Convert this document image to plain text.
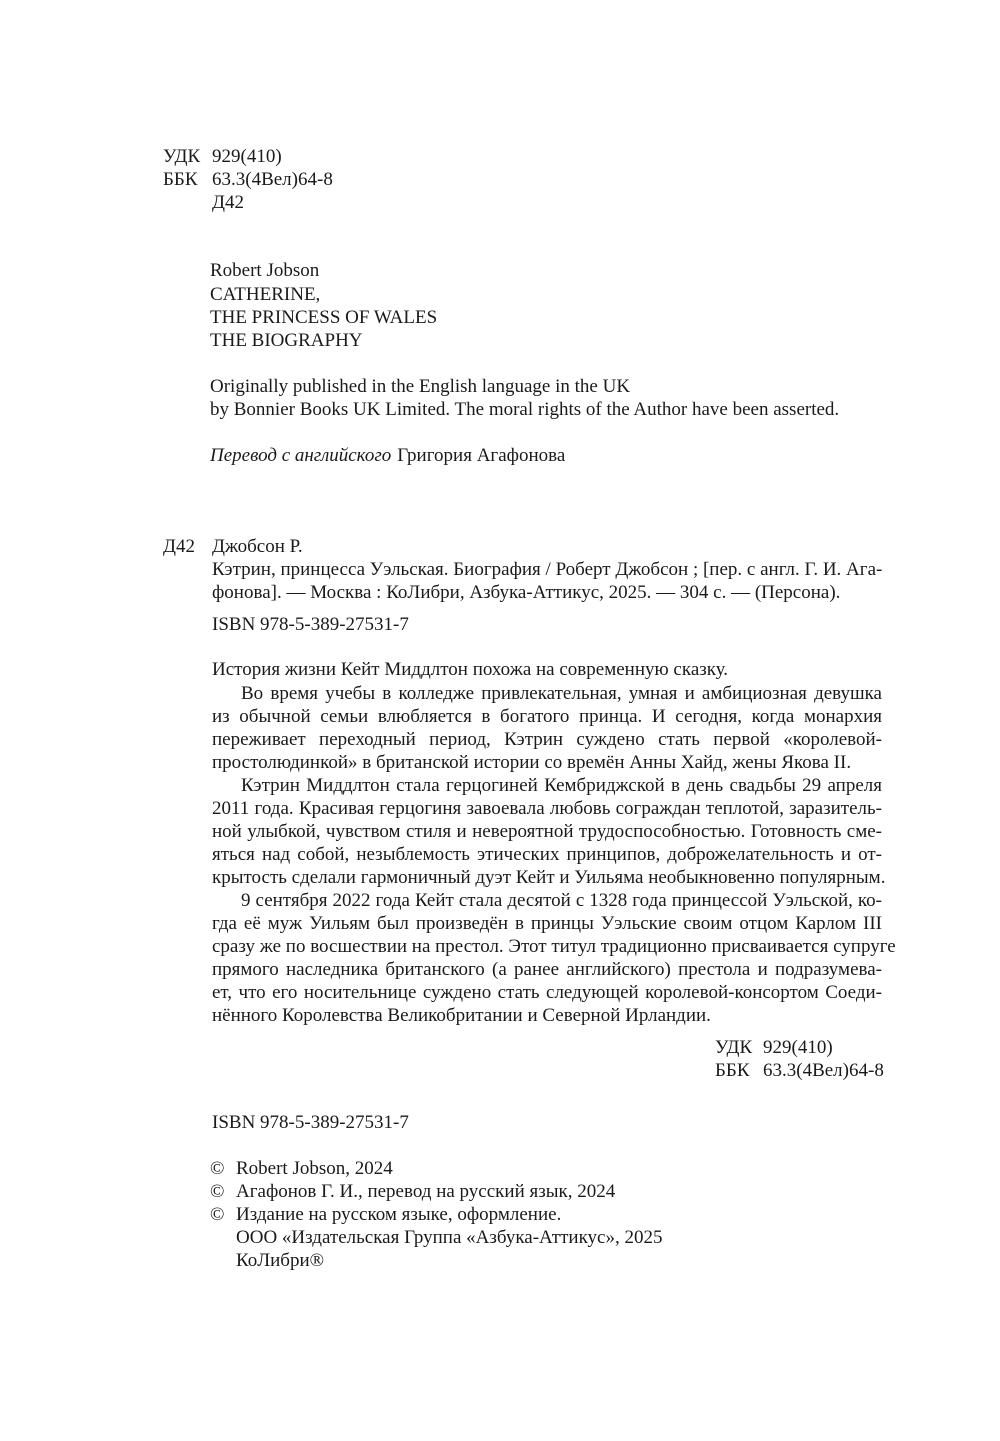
УДК 929(410)
ББК 63.3(4Вел)64-8
Д42
Robert Jobson
CATHERINE,
THE PRINCESS OF WALES
THE BIOGRAPHY
Originally published in the English language in the UK
by Bonnier Books UK Limited. The moral rights of the Author have been asserted.
Перевод с английского Григория Агафонова
Д42 Джобсон Р.
Кэтрин, принцесса Уэльская. Биография / Роберт Джобсон ; [пер. с англ. Г. И. Ага-
фонова]. — Москва : КоЛибри, Азбука-Аттикус, 2025. — 304 с. — (Персона).
ISBN 978-5-389-27531-7
История жизни Кейт Миддлтон похожа на современную сказку.
Во время учебы в колледже привлекательная, умная и амбициозная девушка
из обычной семьи влюбляется в богатого принца. И сегодня, когда монархия
переживает переходный период, Кэтрин суждено стать первой «королевой-
простолюдинкой» в британской истории со времён Анны Хайд, жены Якова II.
Кэтрин Миддлтон стала герцогиней Кембриджской в день свадьбы 29 апреля
2011 года. Красивая герцогиня завоевала любовь сограждан теплотой, заразитель-
ной улыбкой, чувством стиля и невероятной трудоспособностью. Готовность сме-
яться над собой, незыблемость этических принципов, доброжелательность и от-
крытость сделали гармоничный дуэт Кейт и Уильяма необыкновенно популярным.
9 сентября 2022 года Кейт стала десятой с 1328 года принцессой Уэльской, ко-
гда её муж Уильям был произведён в принцы Уэльские своим отцом Карлом III
сразу же по восшествии на престол. Этот титул традиционно присваивается супруге
прямого наследника британского (а ранее английского) престола и подразумева-
ет, что его носительнице суждено стать следующей королевой-консортом Соеди-
нённого Королевства Великобритании и Северной Ирландии.
УДК 929(410)
ББК 63.3(4Вел)64-8
ISBN 978-5-389-27531-7
© Robert Jobson, 2024
© Агафонов Г. И., перевод на русский язык, 2024
© Издание на русском языке, оформление.
ООО «Издательская Группа «Азбука-Аттикус», 2025
КоЛибри®
